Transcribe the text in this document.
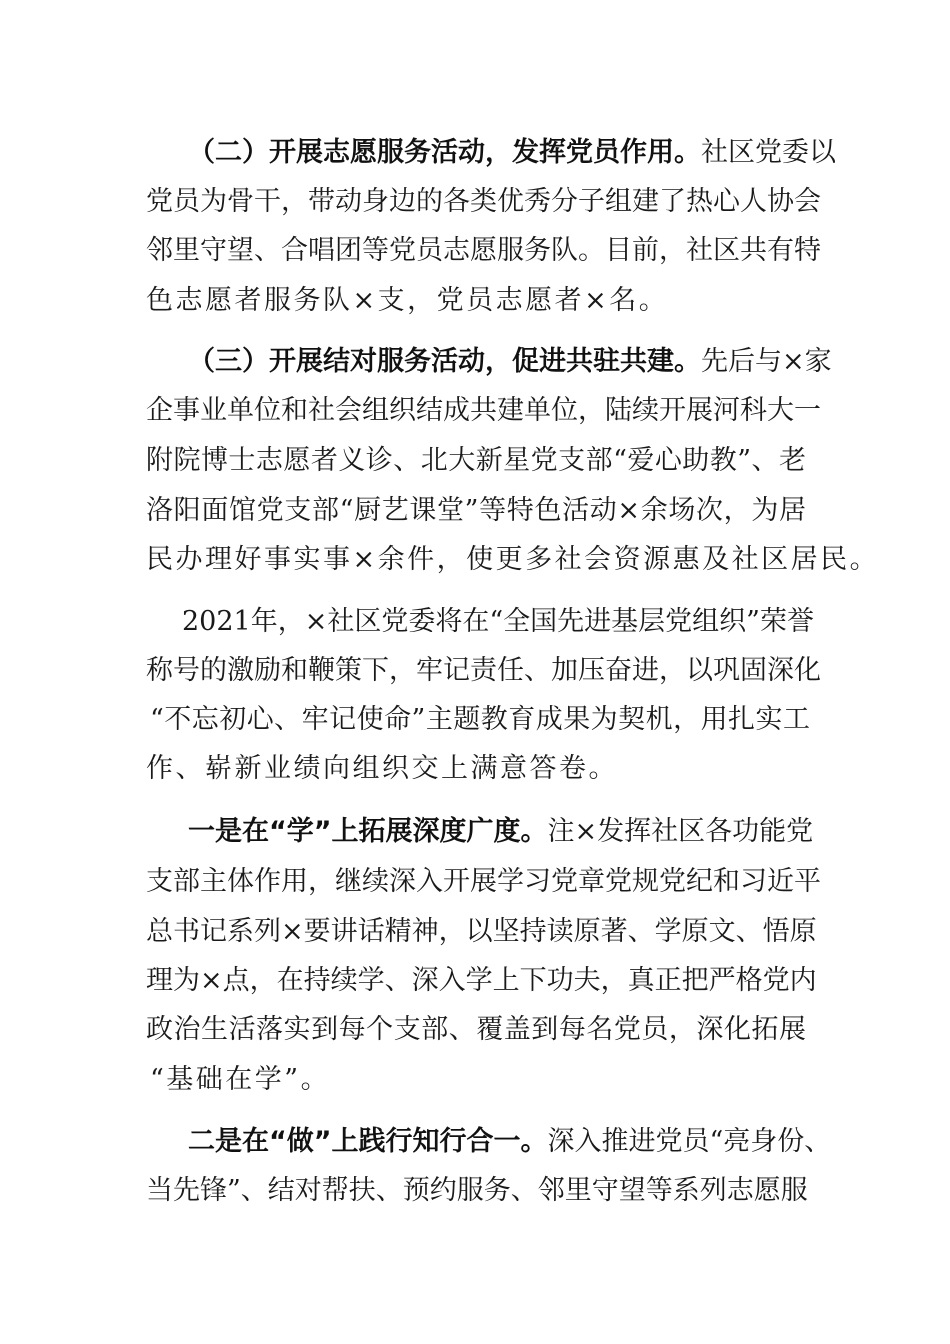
（二）开展志愿服务活动，发挥党员作用。社区党委以
党员为骨干，带动身边的各类优秀分子组建了热心人协会
邻里守望、合唱团等党员志愿服务队。目前，社区共有特
色志愿者服务队×支，党员志愿者×名。
（三）开展结对服务活动，促进共驻共建。先后与×家
企事业单位和社会组织结成共建单位，陆续开展河科大一
附院博士志愿者义诊、北大新星党支部“爱心助教”、老
洛阳面馆党支部“厨艺课堂”等特色活动×余场次，为居
民办理好事实事×余件，使更多社会资源惠及社区居民。
2021年，×社区党委将在“全国先进基层党组织”荣誉
称号的激励和鞭策下，牢记责任、加压奋进，以巩固深化
“不忘初心、牢记使命”主题教育成果为契机，用扎实工
作、崭新业绩向组织交上满意答卷。
一是在“学”上拓展深度广度。注×发挥社区各功能党
支部主体作用，继续深入开展学习党章党规党纪和习近平
总书记系列×要讲话精神，以坚持读原著、学原文、悟原
理为×点，在持续学、深入学上下功夫，真正把严格党内
政治生活落实到每个支部、覆盖到每名党员，深化拓展
“基础在学”。
二是在“做”上践行知行合一。深入推进党员“亮身份、
当先锋”、结对帮扶、预约服务、邻里守望等系列志愿服
